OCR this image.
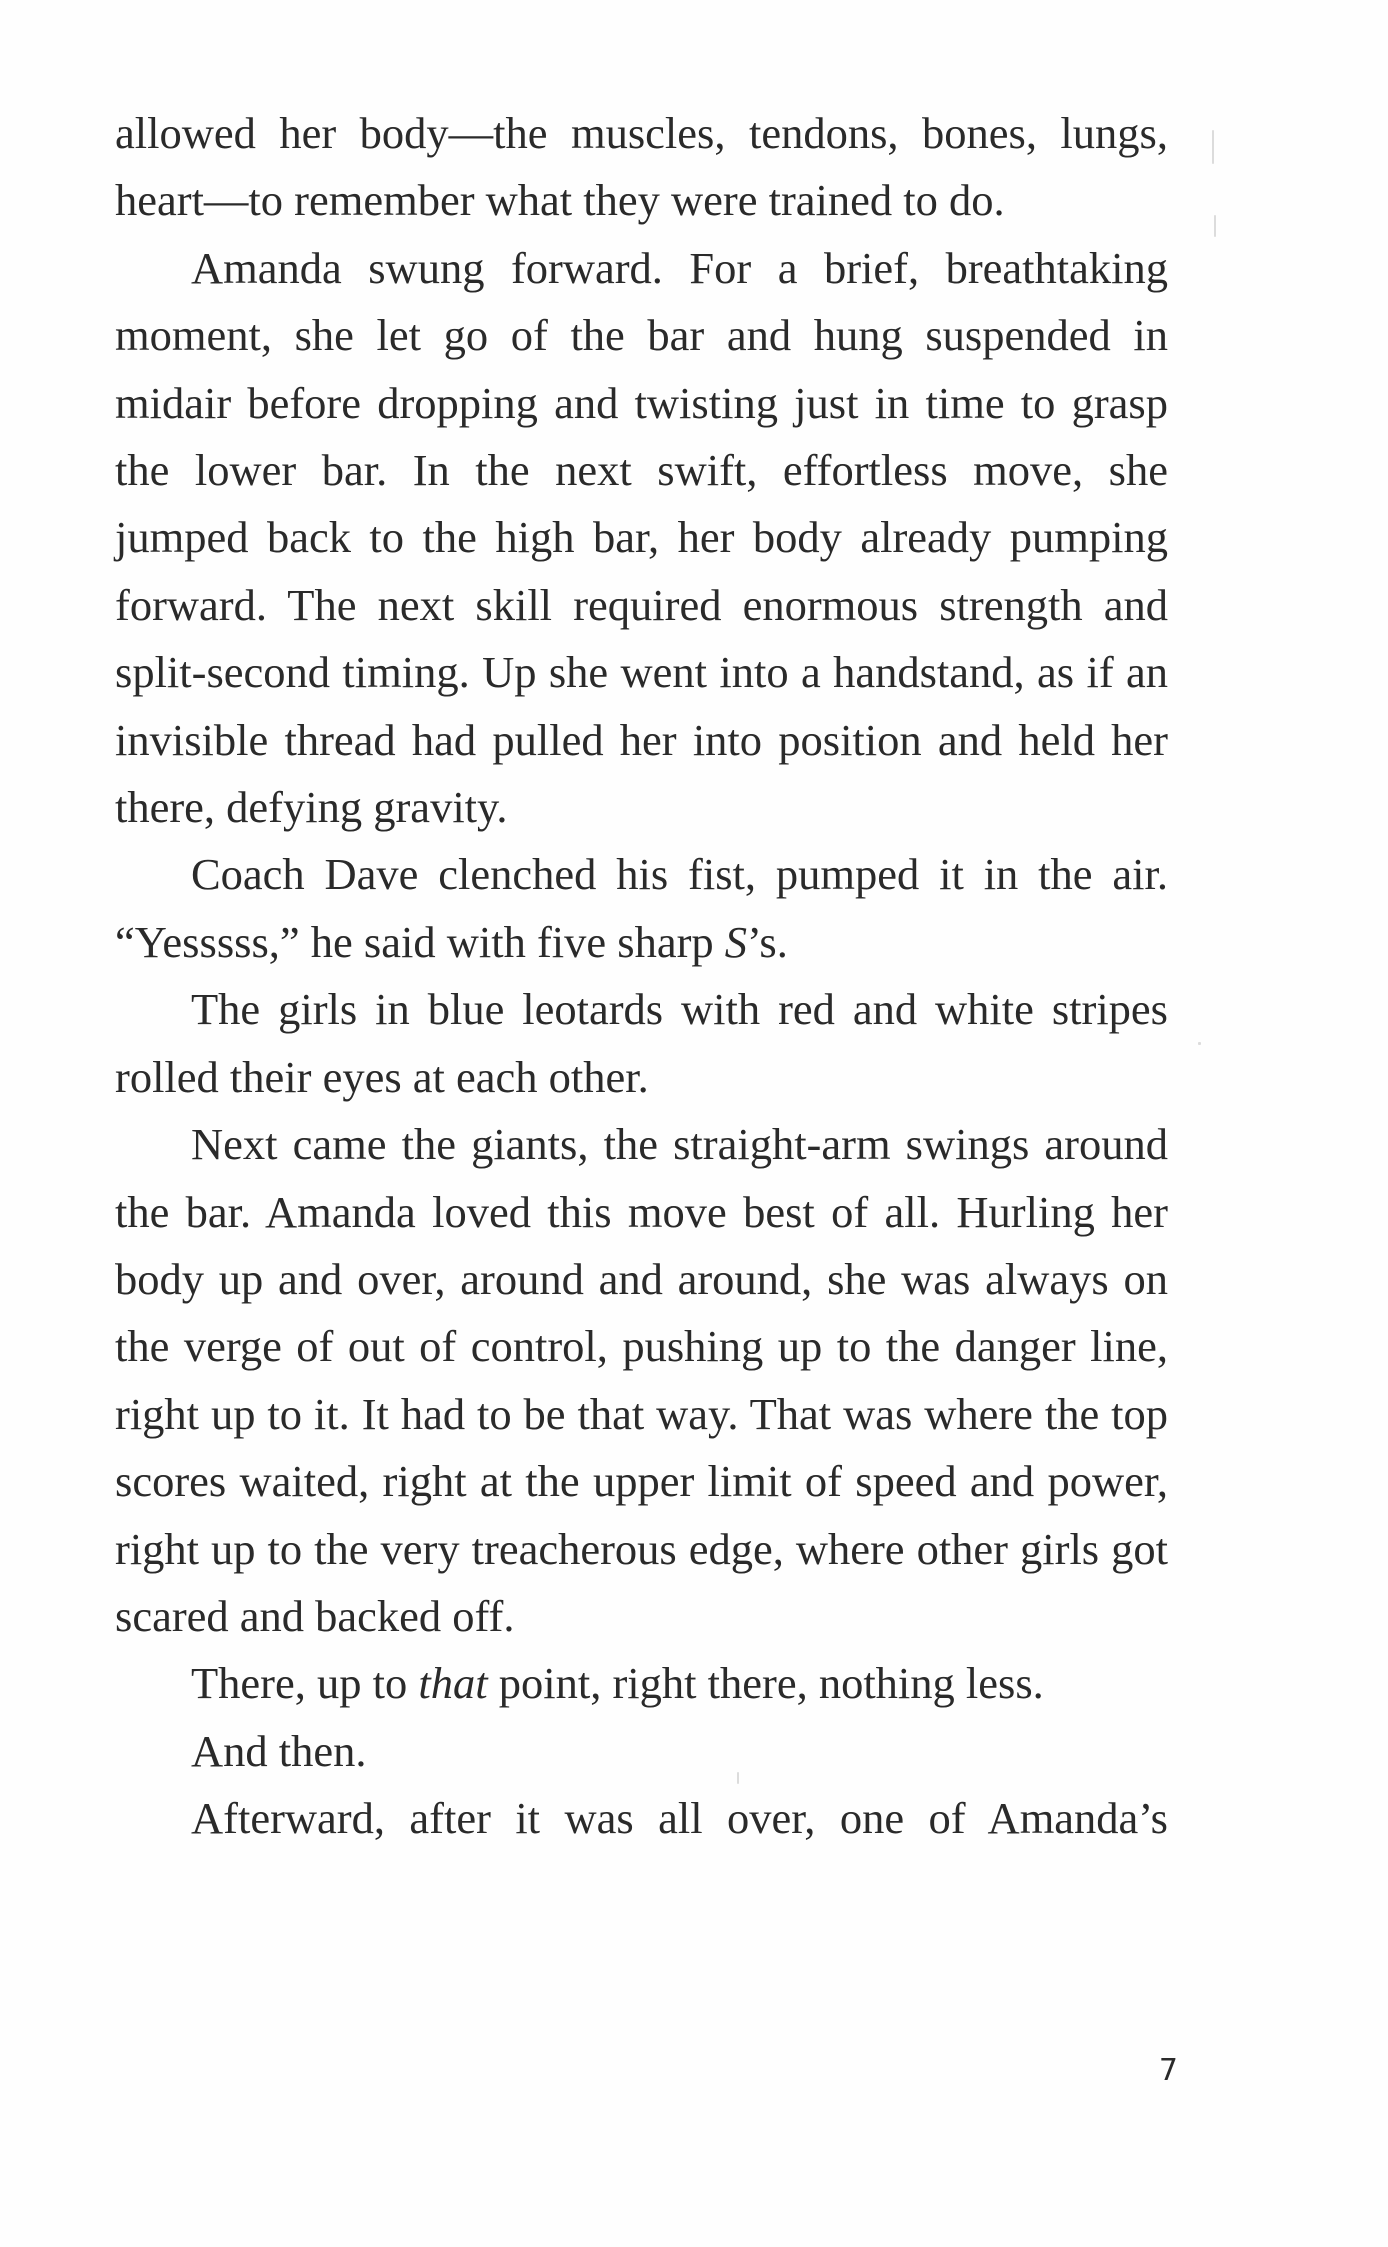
allowed her body—the muscles, tendons, bones, lungs, heart—to remember what they were trained to do.

Amanda swung forward. For a brief, breathtaking moment, she let go of the bar and hung suspended in midair before dropping and twisting just in time to grasp the lower bar. In the next swift, effortless move, she jumped back to the high bar, her body already pumping forward. The next skill required enormous strength and split-second timing. Up she went into a handstand, as if an invisible thread had pulled her into position and held her there, defying gravity.

Coach Dave clenched his fist, pumped it in the air. “Yesssss,” he said with five sharp S’s.

The girls in blue leotards with red and white stripes rolled their eyes at each other.

Next came the giants, the straight-arm swings around the bar. Amanda loved this move best of all. Hurling her body up and over, around and around, she was always on the verge of out of control, pushing up to the danger line, right up to it. It had to be that way. That was where the top scores waited, right at the upper limit of speed and power, right up to the very treacherous edge, where other girls got scared and backed off.

There, up to that point, right there, nothing less.

And then.

Afterward, after it was all over, one of Amanda’s

7
